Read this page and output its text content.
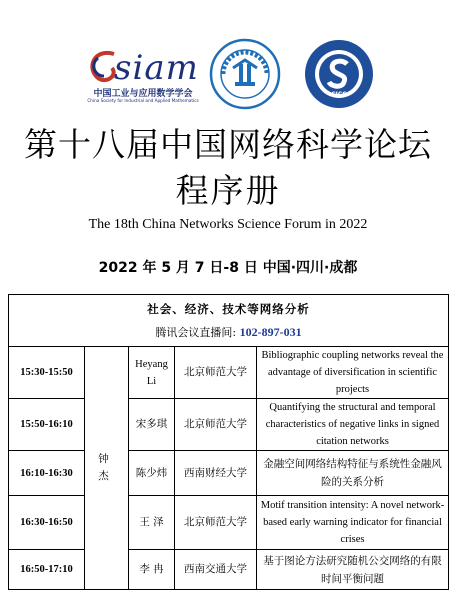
siam
中国工业与应用数学学会
China Society for Industrial and Applied Mathematics
CICC
第十八届中国网络科学论坛
程序册
The 18th China Networks Science Forum in 2022
2022 年 5 月 7 日-8 日 中国·四川·成都
社会、经济、技术等网络分析
腾讯会议直播间: 102-897-031				

15:30-15:50	钟 杰	Heyang Li	北京师范大学	Bibliographic coupling networks reveal the advantage of diversification in scientific projects
15:50-16:10		宋多琪	北京师范大学	Quantifying the structural and temporal characteristics of negative links in signed citation networks
16:10-16:30		陈少炜	西南财经大学	金融空间网络结构特征与系统性金融风险的关系分析
16:30-16:50		王 泽	北京师范大学	Motif transition intensity: A novel network-based early warning indicator for financial crises
16:50-17:10		李 冉	西南交通大学	基于图论方法研究随机公交网络的有限时间平衡问题
